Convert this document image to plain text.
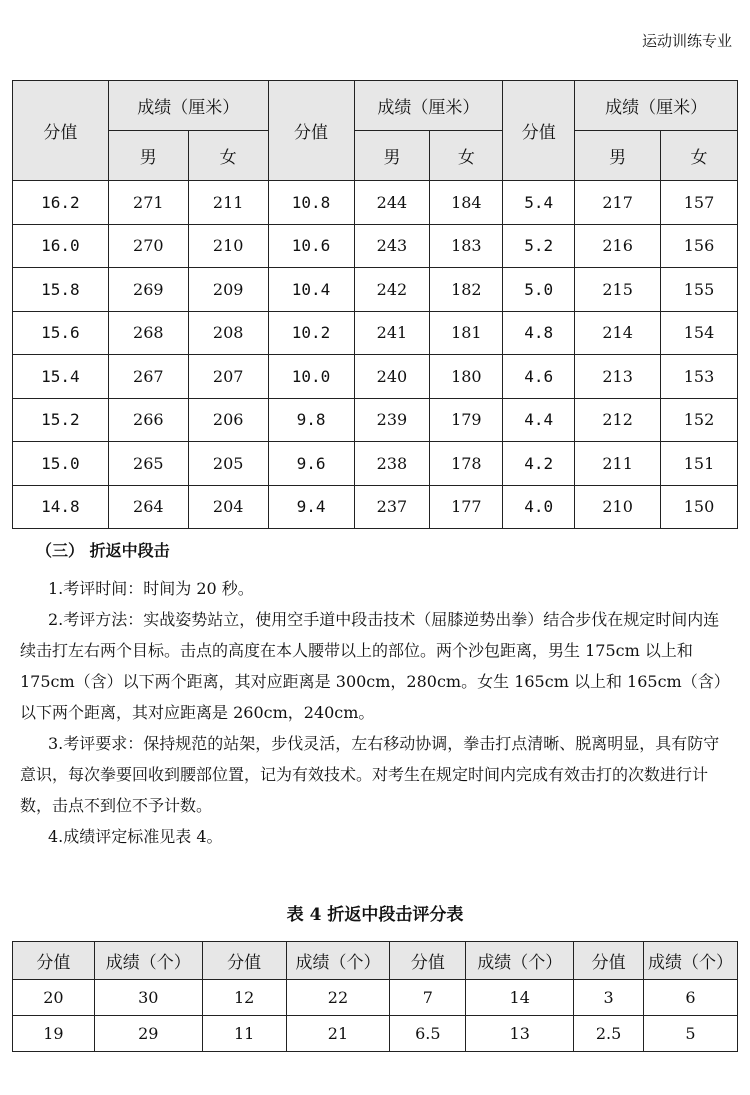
运动训练专业
分值	成绩（厘米）		分值	成绩（厘米）		分值	成绩（厘米）	
	男	女		男	女		男	女
16.2	271	211	10.8	244	184	5.4	217	157
16.0	270	210	10.6	243	183	5.2	216	156
15.8	269	209	10.4	242	182	5.0	215	155
15.6	268	208	10.2	241	181	4.8	214	154
15.4	267	207	10.0	240	180	4.6	213	153
15.2	266	206	9.8	239	179	4.4	212	152
15.0	265	205	9.6	238	178	4.2	211	151
14.8	264	204	9.4	237	177	4.0	210	150
（三） 折返中段击

1.考评时间：时间为 20 秒。

2.考评方法：实战姿势站立，使用空手道中段击技术（屈膝逆势出拳）结合步伐在规定时间内连续击打左右两个目标。击点的高度在本人腰带以上的部位。两个沙包距离，男生 175cm 以上和 175cm（含）以下两个距离，其对应距离是 300cm，280cm。女生 165cm 以上和 165cm（含）以下两个距离，其对应距离是 260cm，240cm。

3.考评要求：保持规范的站架，步伐灵活，左右移动协调，拳击打点清晰、脱离明显，具有防守意识，每次拳要回收到腰部位置，记为有效技术。对考生在规定时间内完成有效击打的次数进行计数，击点不到位不予计数。

4.成绩评定标准见表 4。

表 4 折返中段击评分表
分值	成绩（个）	分值	成绩（个）	分值	成绩（个）	分值	成绩（个）
20	30	12	22	7	14	3	6
19	29	11	21	6.5	13	2.5	5
